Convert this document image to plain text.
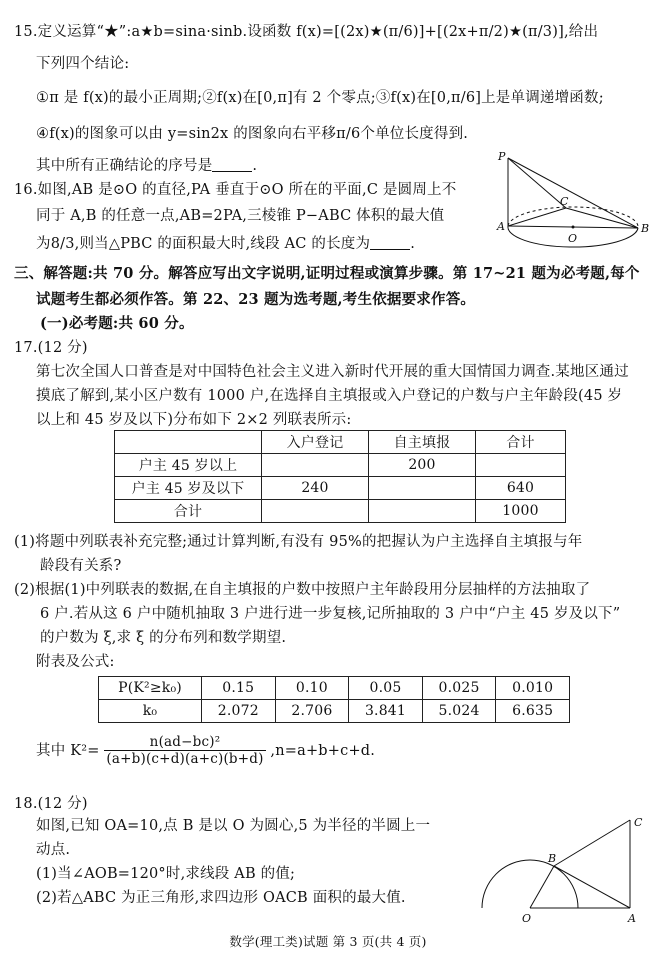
15.定义运算“★”:a★b=sina·sinb.设函数 f(x)=[(2x)★(π/6)]+[(2x+π/2)★(π/3)],给出
下列四个结论:
①π 是 f(x)的最小正周期;②f(x)在[0,π]有 2 个零点;③f(x)在[0,π/6]上是单调递增函数;
④f(x)的图象可以由 y=sin2x 的图象向右平移π/6个单位长度得到.
其中所有正确结论的序号是	.
16.如图,AB 是⊙O 的直径,PA 垂直于⊙O 所在的平面,C 是圆周上不
同于 A,B 的任意一点,AB=2PA,三棱锥 P−ABC 体积的最大值
为8/3,则当△PBC 的面积最大时,线段 AC 的长度为	.
P
C
A
O
B
三、解答题:共 70 分。解答应写出文字说明,证明过程或演算步骤。第 17~21 题为必考题,每个
试题考生都必须作答。第 22、23 题为选考题,考生依据要求作答。
(一)必考题:共 60 分。
17.(12 分)
第七次全国人口普查是对中国特色社会主义进入新时代开展的重大国情国力调查.某地区通过
摸底了解到,某小区户数有 1000 户,在选择自主填报或入户登记的户数与户主年龄段(45 岁
以上和 45 岁及以下)分布如下 2×2 列联表所示:
	入户登记	自主填报	合计
户主 45 岁以上		200	
户主 45 岁及以下	240		640
合计			1000
(1)将题中列联表补充完整;通过计算判断,有没有 95%的把握认为户主选择自主填报与年
龄段有关系?
(2)根据(1)中列联表的数据,在自主填报的户数中按照户主年龄段用分层抽样的方法抽取了
6 户.若从这 6 户中随机抽取 3 户进行进一步复核,记所抽取的 3 户中“户主 45 岁及以下”
的户数为 ξ,求 ξ 的分布列和数学期望.
附表及公式:
P(K²≥k₀)	0.15	0.10	0.05	0.025	0.010
k₀	2.072	2.706	3.841	5.024	6.635
其中 $K^2= \frac{\text{n(ad−bc)²}}{(a+b)(c+d)(a+c)(b+d)} ,n=a+b+c+d$.
18.(12 分)
如图,已知 OA=10,点 B 是以 O 为圆心,5 为半径的半圆上一
动点.
(1)当∠AOB=120°时,求线段 AB 的值;
(2)若△ABC 为正三角形,求四边形 OACB 面积的最大值.
C
B
O	A
数学(理工类)试题 第 3 页(共 4 页)
